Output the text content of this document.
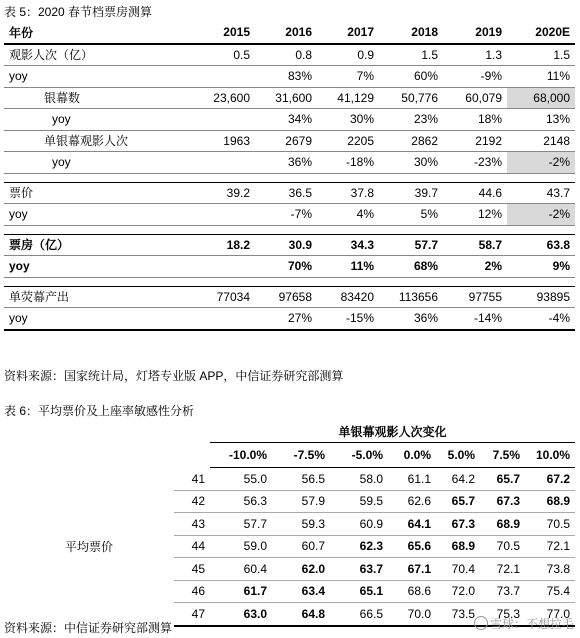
表 5：2020 春节档票房测算
年份	2015	2016	2017	2018	2019	2020E
观影人次（亿）	0.5	0.8	0.9	1.5	1.3	1.5
yoy		83%	7%	60%	-9%	11%
银幕数	23,600	31,600	41,129	50,776	60,079	68,000
yoy		34%	30%	23%	18%	13%
单银幕观影人次	1963	2679	2205	2862	2192	2148
yoy		36%	-18%	30%	-23%	-2%

票价	39.2	36.5	37.8	39.7	44.6	43.7
yoy		-7%	4%	5%	12%	-2%

票房（亿）	18.2	30.9	34.3	57.7	58.7	63.8
yoy		70%	11%	68%	2%	9%

单荧幕产出	77034	97658	83420	113656	97755	93895
yoy		27%	-15%	36%	-14%	-4%
资料来源：国家统计局，灯塔专业版 APP，中信证券研究部测算
表 6：平均票价及上座率敏感性分析
		单银幕观影人次变化						
		-10.0%	-7.5%	-5.0%	0.0%	5.0%	7.5%	10.0%
	41	55.0	56.5	58.0	61.1	64.2	65.7	67.2
	42	56.3	57.9	59.5	62.6	65.7	67.3	68.9
	43	57.7	59.3	60.9	64.1	67.3	68.9	70.5
平均票价	44	59.0	60.7	62.3	65.6	68.9	70.5	72.1
	45	60.4	62.0	63.7	67.1	70.4	72.1	73.8
	46	61.7	63.4	65.1	68.6	72.0	73.7	75.4
	47	63.0	64.8	66.5	70.0	73.5	75.3	77.0
资料来源：中信证券研究部测算	雪球：不想拉毛
